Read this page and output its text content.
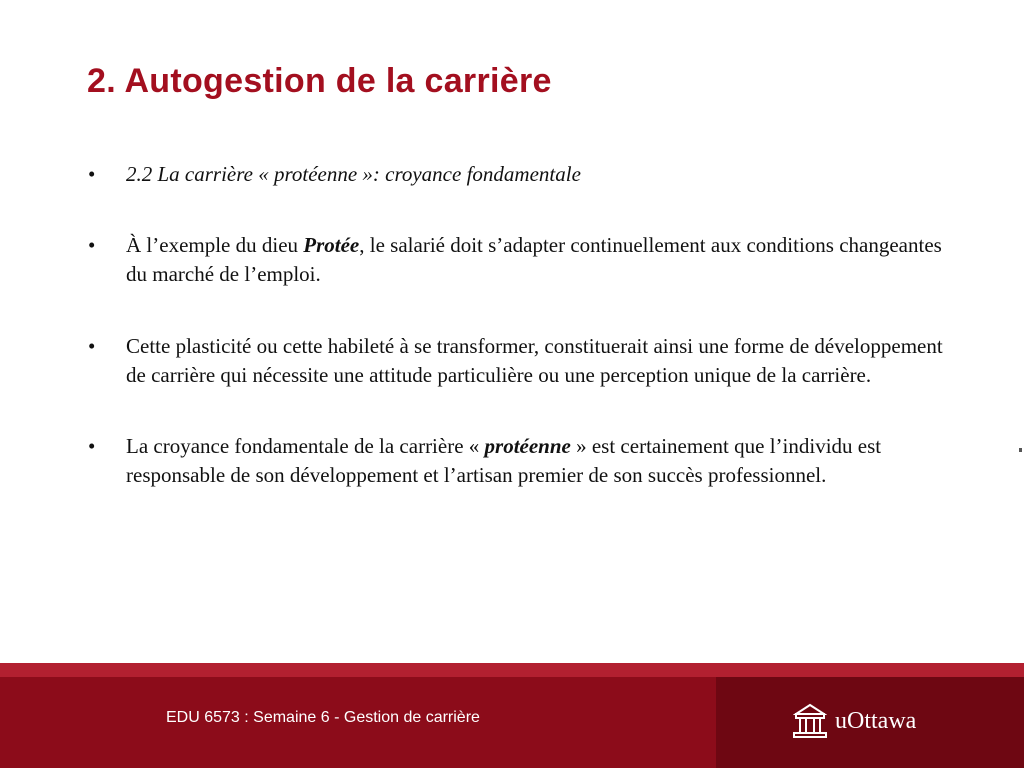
2. Autogestion de la carrière
• 2.2 La carrière « protéenne »: croyance fondamentale
• À l’exemple du dieu Protée, le salarié doit s’adapter continuellement aux conditions changeantes du marché de l’emploi.
• Cette plasticité ou cette habileté à se transformer, constituerait ainsi une forme de développement de carrière qui nécessite une attitude particulière ou une perception unique de la carrière.
• La croyance fondamentale de la carrière « protéenne » est certainement que l’individu est responsable de son développement et l’artisan premier de son succès professionnel.
EDU 6573 : Semaine 6 - Gestion de carrière	uOttawa
